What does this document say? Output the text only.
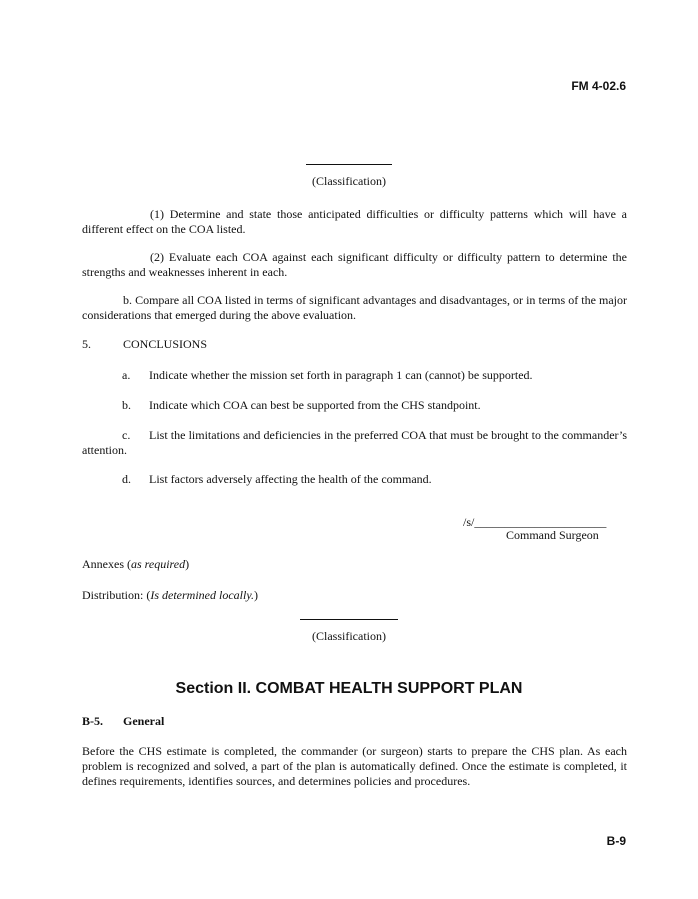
FM 4-02.6
(Classification)
(1) Determine and state those anticipated difficulties or difficulty patterns which will have a different effect on the COA listed.
(2) Evaluate each COA against each significant difficulty or difficulty pattern to determine the strengths and weaknesses inherent in each.
b. Compare all COA listed in terms of significant advantages and disadvantages, or in terms of the major considerations that emerged during the above evaluation.
5.	CONCLUSIONS
a. Indicate whether the mission set forth in paragraph 1 can (cannot) be supported.
b. Indicate which COA can best be supported from the CHS standpoint.
c. List the limitations and deficiencies in the preferred COA that must be brought to the commander’s attention.
d. List factors adversely affecting the health of the command.
/s/______________________
Command Surgeon
Annexes (as required)
Distribution: (Is determined locally.)
(Classification)
Section II. COMBAT HEALTH SUPPORT PLAN
B-5. General
Before the CHS estimate is completed, the commander (or surgeon) starts to prepare the CHS plan. As each problem is recognized and solved, a part of the plan is automatically defined. Once the estimate is completed, it defines requirements, identifies sources, and determines policies and procedures.
B-9
